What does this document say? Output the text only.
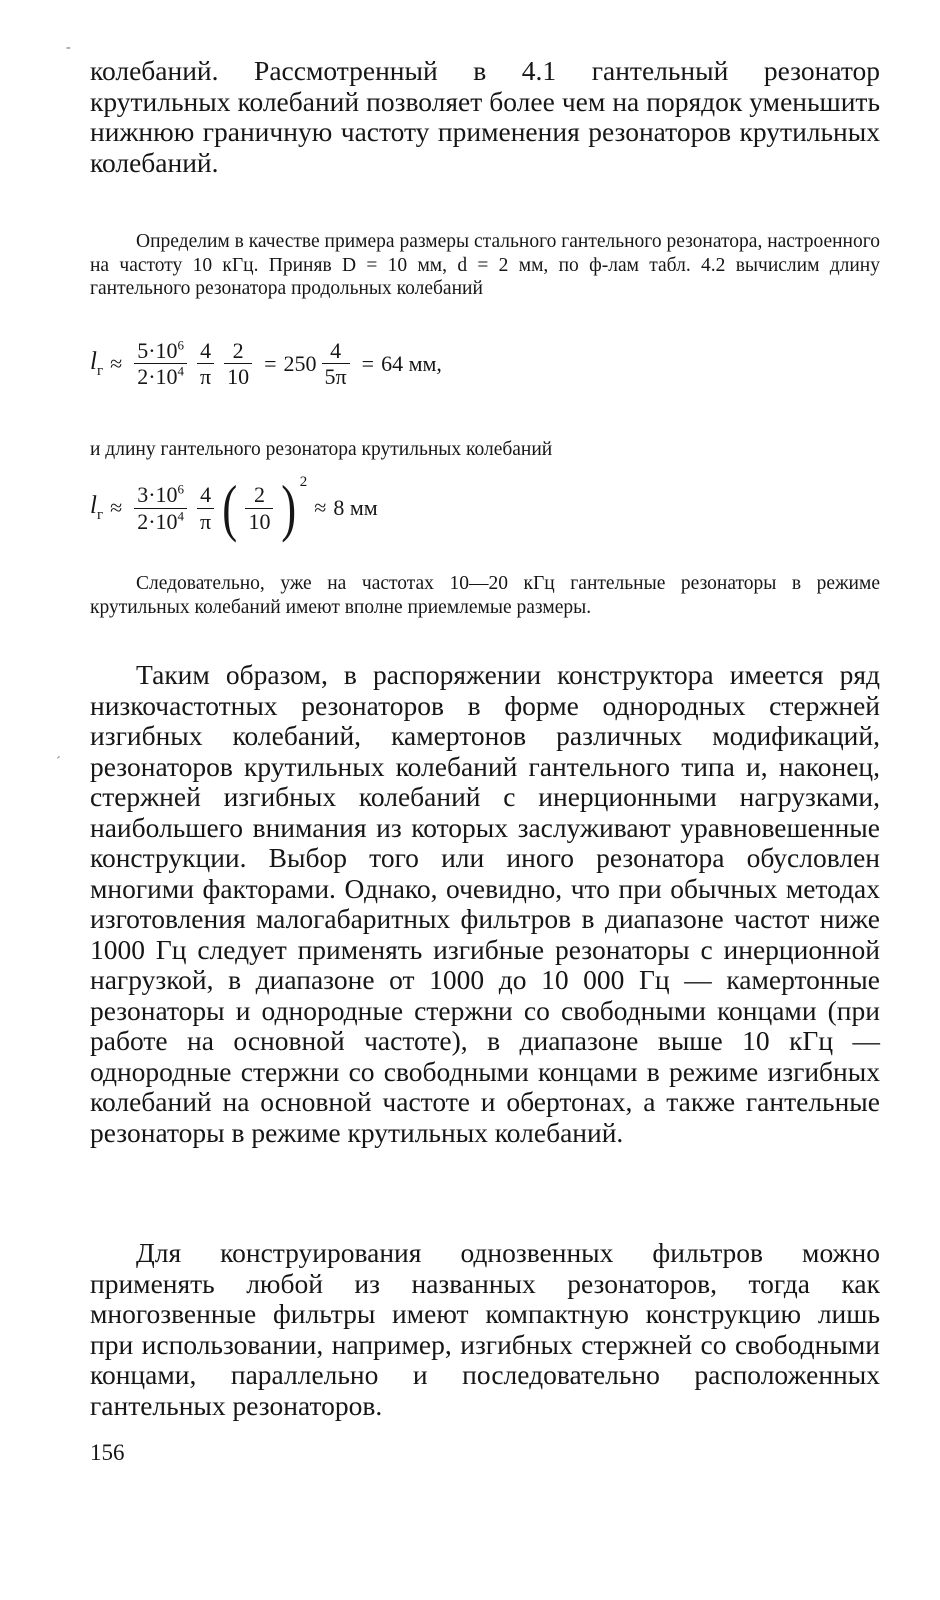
-

колебаний. Рассмотренный в 4.1 гантельный резонатор крутильных колебаний позволяет более чем на порядок уменьшить нижнюю граничную частоту применения резонаторов крутильных колебаний.

Определим в качестве примера размеры стального гантельного резонатора, настроенного на частоту 10 кГц. Приняв D = 10 мм, d = 2 мм, по ф-лам табл. 4.2 вычислим длину гантельного резонатора продольных колебаний

$l_г \approx \frac{5\cdot 10^6}{2\cdot 10^4} \frac{4}{\pi} \frac{2}{10} = 250 \frac{4}{5\pi} = 64$ мм,

и длину гантельного резонатора крутильных колебаний

$l_г \approx \frac{3\cdot 10^6}{2\cdot 10^4} \frac{4}{\pi}$ ( $\frac{2}{10} )^2$
≈ 8 мм

Следовательно, уже на частотах 10—20 кГц гантельные резонаторы в режиме крутильных колебаний имеют вполне приемлемые размеры.

ˊ

Таким образом, в распоряжении конструктора имеется ряд низкочастотных резонаторов в форме однородных стержней изгибных колебаний, камертонов различных модификаций, резонаторов крутильных колебаний гантельного типа и, наконец, стержней изгибных колебаний с инерционными нагрузками, наибольшего внимания из которых заслуживают уравновешенные конструкции. Выбор того или иного резонатора обусловлен многими факторами. Однако, очевидно, что при обычных методах изготовления малогабаритных фильтров в диапазоне частот ниже 1000 Гц следует применять изгибные резонаторы с инерционной нагрузкой, в диапазоне от 1000 до 10 000 Гц — камертонные резонаторы и однородные стержни со свободными концами (при работе на основной частоте), в диапазоне выше 10 кГц — однородные стержни со свободными концами в режиме изгибных колебаний на основной частоте и обертонах, а также гантельные резонаторы в режиме крутильных колебаний.

Для конструирования однозвенных фильтров можно применять любой из названных резонаторов, тогда как многозвенные фильтры имеют компактную конструкцию лишь при использовании, например, изгибных стержней со свободными концами, параллельно и последовательно расположенных гантельных резонаторов.

156
